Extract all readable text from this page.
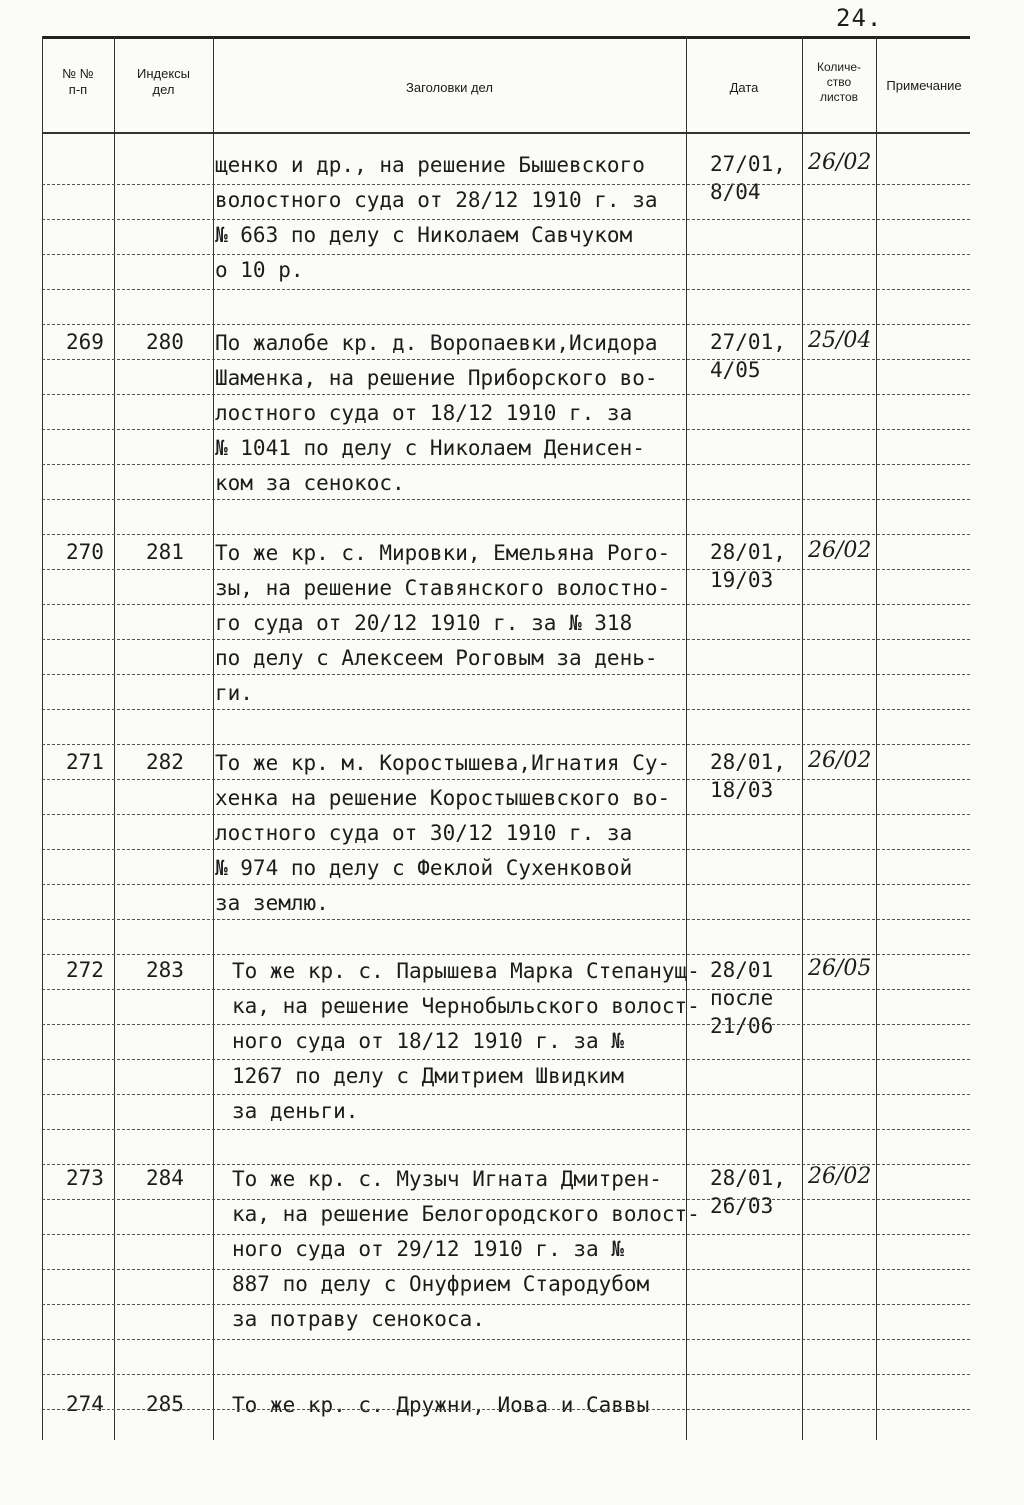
24.
№ №
п-п
Индексы
дел	Заголовки дел	Дата
Количе-
ство
листов
Примечание
щенко и др., на решение Бышевского
волостного суда от 28/12 1910 г. за
№ 663 по делу с Николаем Савчуком
о 10 р.
27/01,
8/04
26/02
269 280 По жалобе кр. д. Воропаевки,Исидора
Шаменка, на решение Приборского во-
лостного суда от 18/12 1910 г. за
№ 1041 по делу с Николаем Денисен-
ком за сенокос.
27/01,
4/05
25/04
270 281 То же кр. с. Мировки, Емельяна Рого-
зы, на решение Ставянского волостно-
го суда от 20/12 1910 г. за № 318
по делу с Алексеем Роговым за день-
ги.
28/01,
19/03
26/02
271 282 То же кр. м. Коростышева,Игнатия Су-
хенка на решение Коростышевского во-
лостного суда от 30/12 1910 г. за
№ 974 по делу с Феклой Сухенковой
за землю.
28/01,
18/03
26/02
272 283 То же кр. с. Парышева Марка Степанущ-
ка, на решение Чернобыльского волост-
ного суда от 18/12 1910 г. за №
1267 по делу с Дмитрием Швидким
за деньги.
28/01
после
21/06
26/05
273 284 То же кр. с. Музыч Игната Дмитрен-
ка, на решение Белогородского волост-
ного суда от 29/12 1910 г. за №
887 по делу с Онуфрием Стародубом
за потраву сенокоса.
28/01,
26/03
26/02
274 285 То же кр. с. Дружни, Иова и Саввы
